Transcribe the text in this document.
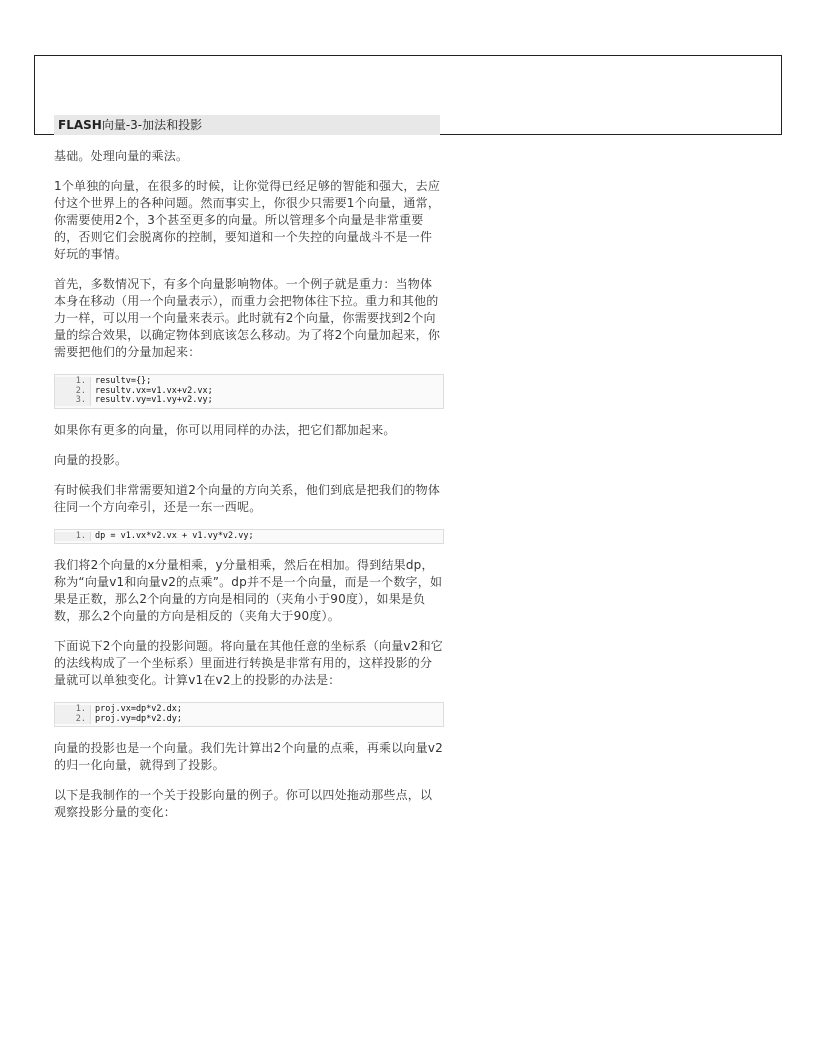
FLASH向量-3-加法和投影

基础。处理向量的乘法。

1个单独的向量，在很多的时候，让你觉得已经足够的智能和强大，去应付这个世界上的各种问题。然而事实上，你很少只需要1个向量，通常，你需要使用2个，3个甚至更多的向量。所以管理多个向量是非常重要的，否则它们会脱离你的控制，要知道和一个失控的向量战斗不是一件好玩的事情。

首先，多数情况下，有多个向量影响物体。一个例子就是重力：当物体本身在移动（用一个向量表示），而重力会把物体往下拉。重力和其他的力一样，可以用一个向量来表示。此时就有2个向量，你需要找到2个向量的综合效果，以确定物体到底该怎么移动。为了将2个向量加起来，你需要把他们的分量加起来：

1.	resultv={};
2.	resultv.vx=v1.vx+v2.vx;
3.	resultv.vy=v1.vy+v2.vy;

如果你有更多的向量，你可以用同样的办法，把它们都加起来。

向量的投影。

有时候我们非常需要知道2个向量的方向关系，他们到底是把我们的物体往同一个方向牵引，还是一东一西呢。

1.	dp = v1.vx*v2.vx + v1.vy*v2.vy;

我们将2个向量的x分量相乘，y分量相乘，然后在相加。得到结果dp，称为“向量v1和向量v2的点乘”。dp并不是一个向量，而是一个数字，如果是正数，那么2个向量的方向是相同的（夹角小于90度），如果是负数，那么2个向量的方向是相反的（夹角大于90度）。

下面说下2个向量的投影问题。将向量在其他任意的坐标系（向量v2和它的法线构成了一个坐标系）里面进行转换是非常有用的，这样投影的分量就可以单独变化。计算v1在v2上的投影的办法是：

1.	proj.vx=dp*v2.dx;
2.	proj.vy=dp*v2.dy;

向量的投影也是一个向量。我们先计算出2个向量的点乘，再乘以向量v2的归一化向量，就得到了投影。

以下是我制作的一个关于投影向量的例子。你可以四处拖动那些点，以观察投影分量的变化：
